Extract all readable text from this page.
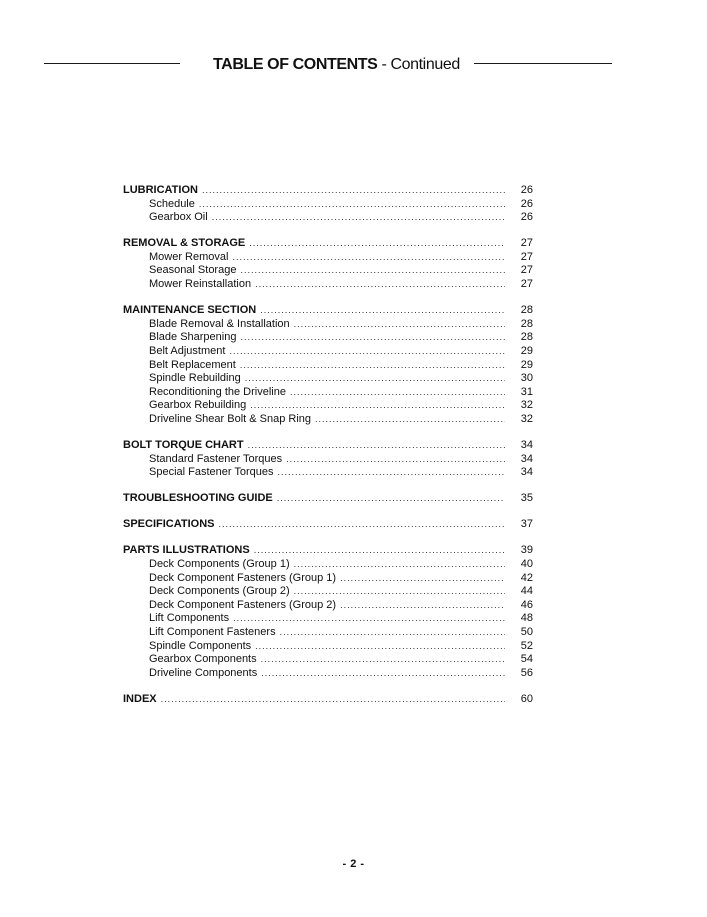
TABLE OF CONTENTS - Continued
LUBRICATION .....	26
Schedule .....	26
Gearbox Oil .....	26
REMOVAL & STORAGE .....	27
Mower Removal .....	27
Seasonal Storage .....	27
Mower Reinstallation .....	27
MAINTENANCE SECTION .....	28
Blade Removal & Installation .....	28
Blade Sharpening .....	28
Belt Adjustment .....	29
Belt Replacement .....	29
Spindle Rebuilding .....	30
Reconditioning the Driveline .....	31
Gearbox Rebuilding .....	32
Driveline Shear Bolt & Snap Ring .....	32
BOLT TORQUE CHART .....	34
Standard Fastener Torques .....	34
Special Fastener Torques .....	34
TROUBLESHOOTING GUIDE .....	35
SPECIFICATIONS .....	37
PARTS ILLUSTRATIONS .....	39
Deck Components (Group 1) .....	40
Deck Component Fasteners (Group 1) .....	42
Deck Components (Group 2) .....	44
Deck Component Fasteners (Group 2) .....	46
Lift Components .....	48
Lift Component Fasteners .....	50
Spindle Components .....	52
Gearbox Components .....	54
Driveline Components .....	56
INDEX .....	60
- 2 -
